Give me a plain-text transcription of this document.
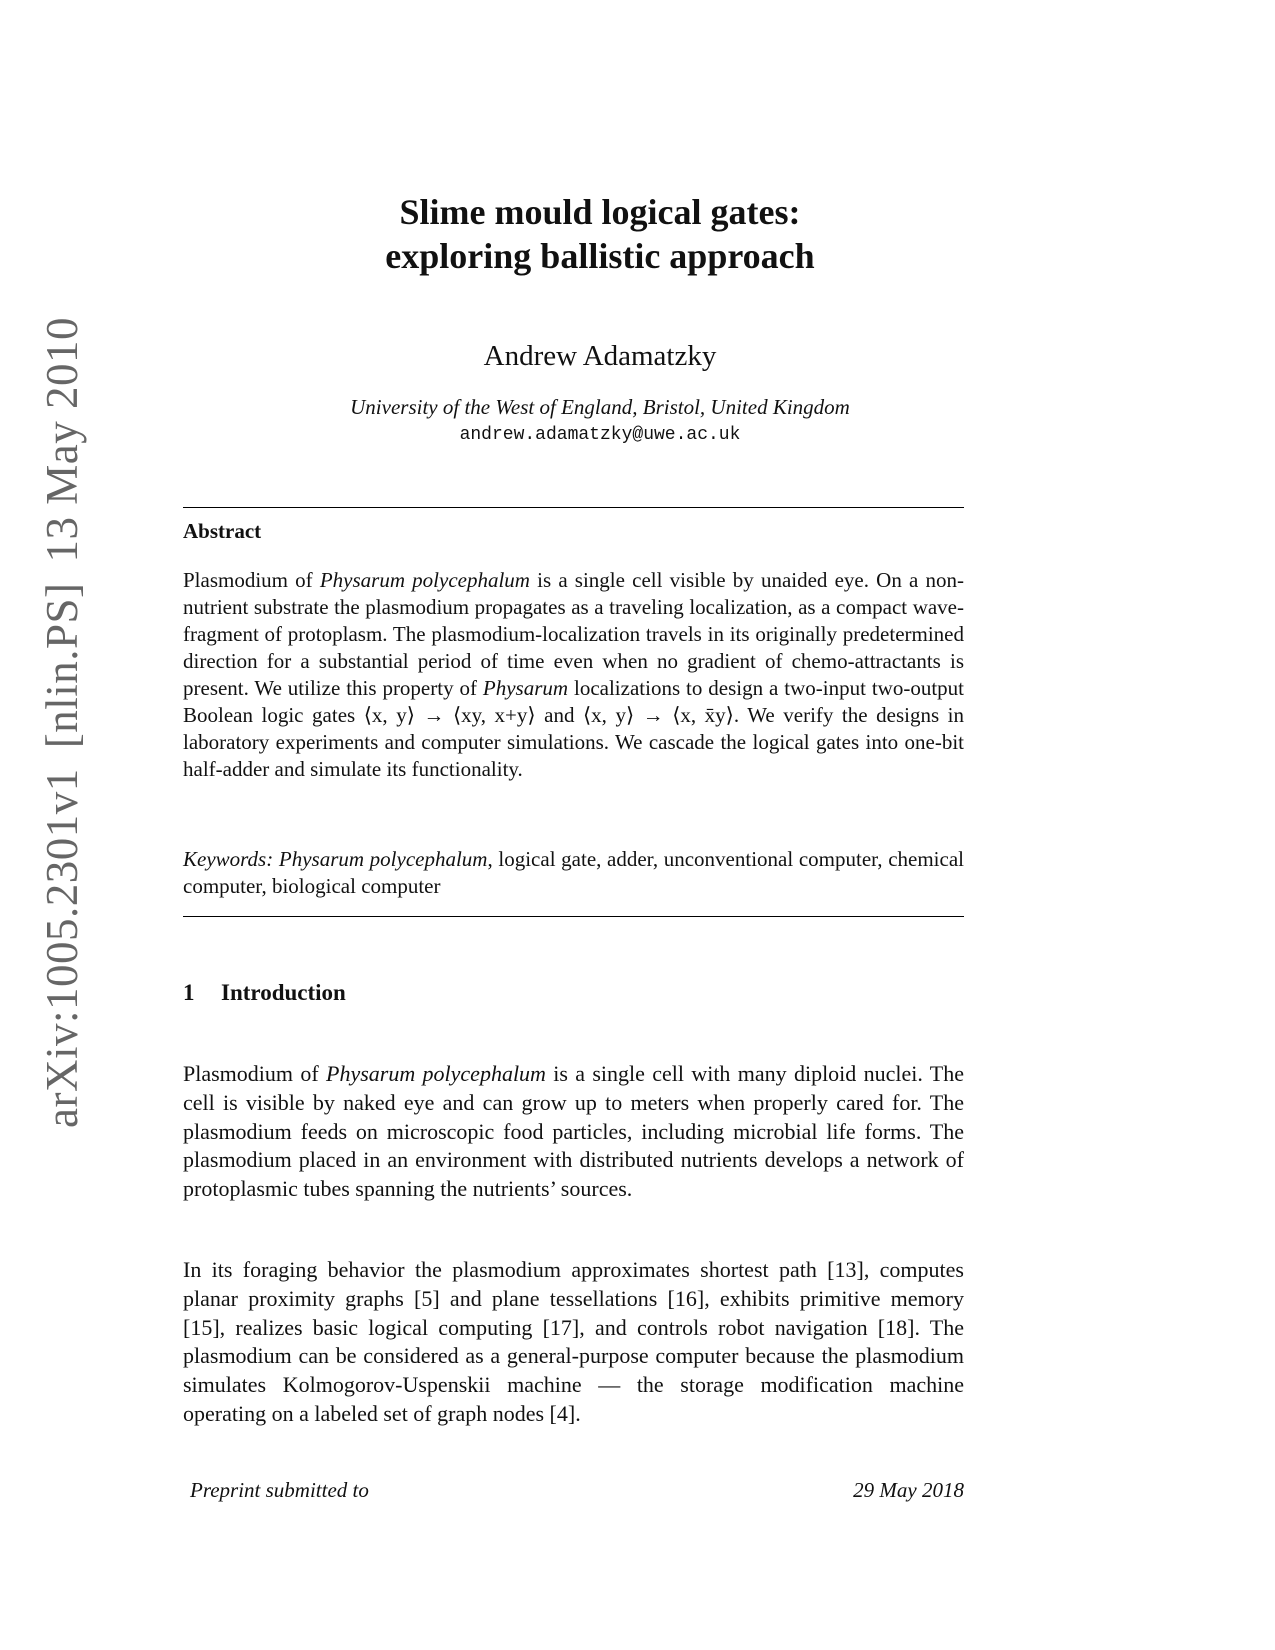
arXiv:1005.2301v1[nlin.PS]13 May 2010
Slime mould logical gates:
exploring ballistic approach
Andrew Adamatzky
University of the West of England, Bristol, United Kingdom
andrew.adamatzky@uwe.ac.uk
Abstract
Plasmodium of Physarum polycephalum is a single cell visible by unaided eye. On a non-nutrient substrate the plasmodium propagates as a traveling localization, as a compact wave-fragment of protoplasm. The plasmodium-localization travels in its originally predetermined direction for a substantial period of time even when no gradient of chemo-attractants is present. We utilize this property of Physarum localizations to design a two-input two-output Boolean logic gates ⟨x, y⟩ → ⟨xy, x+y⟩ and ⟨x, y⟩ → ⟨x, x̄y⟩. We verify the designs in laboratory experiments and computer simulations. We cascade the logical gates into one-bit half-adder and simulate its functionality.
Keywords: Physarum polycephalum, logical gate, adder, unconventional computer, chemical computer, biological computer
1 Introduction
Plasmodium of Physarum polycephalum is a single cell with many diploid nuclei. The cell is visible by naked eye and can grow up to meters when properly cared for. The plasmodium feeds on microscopic food particles, including microbial life forms. The plasmodium placed in an environment with distributed nutrients develops a network of protoplasmic tubes spanning the nutrients’ sources.
In its foraging behavior the plasmodium approximates shortest path [13], computes planar proximity graphs [5] and plane tessellations [16], exhibits primitive memory [15], realizes basic logical computing [17], and controls robot navigation [18]. The plasmodium can be considered as a general-purpose computer because the plasmodium simulates Kolmogorov-Uspenskii machine — the storage modification machine operating on a labeled set of graph nodes [4].
Preprint submitted to	29 May 2018
